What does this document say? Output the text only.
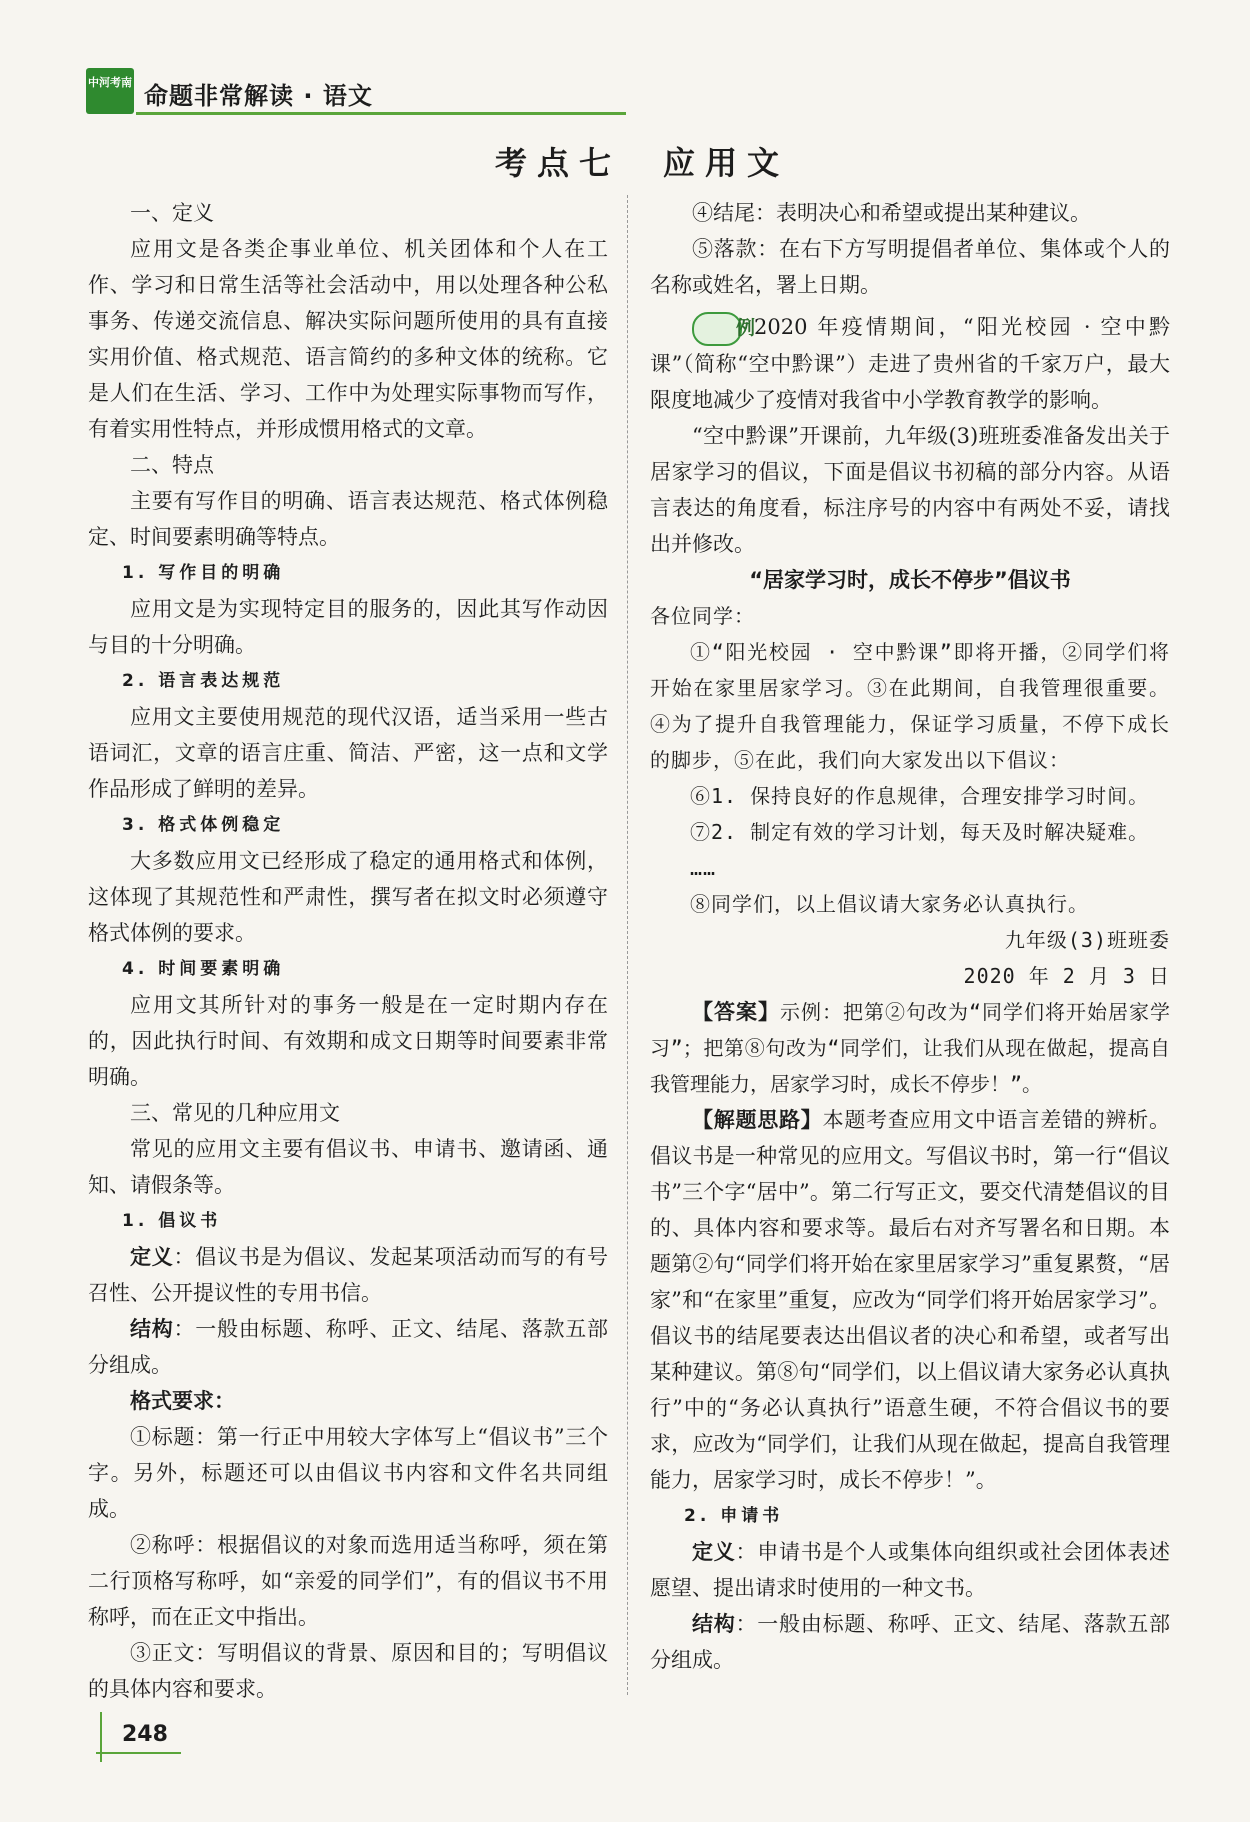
中河考南 命题非常解读 · 语文
考点七　应用文

一、定义

应用文是各类企事业单位、机关团体和个人在工作、学习和日常生活等社会活动中，用以处理各种公私事务、传递交流信息、解决实际问题所使用的具有直接实用价值、格式规范、语言简约的多种文体的统称。它是人们在生活、学习、工作中为处理实际事物而写作，有着实用性特点，并形成惯用格式的文章。

二、特点

主要有写作目的明确、语言表达规范、格式体例稳定、时间要素明确等特点。

1. 写作目的明确

应用文是为实现特定目的服务的，因此其写作动因与目的十分明确。

2. 语言表达规范

应用文主要使用规范的现代汉语，适当采用一些古语词汇，文章的语言庄重、简洁、严密，这一点和文学作品形成了鲜明的差异。

3. 格式体例稳定

大多数应用文已经形成了稳定的通用格式和体例，这体现了其规范性和严肃性，撰写者在拟文时必须遵守格式体例的要求。

4. 时间要素明确

应用文其所针对的事务一般是在一定时期内存在的，因此执行时间、有效期和成文日期等时间要素非常明确。

三、常见的几种应用文

常见的应用文主要有倡议书、申请书、邀请函、通知、请假条等。

1. 倡议书

定义：倡议书是为倡议、发起某项活动而写的有号召性、公开提议性的专用书信。

结构：一般由标题、称呼、正文、结尾、落款五部分组成。

格式要求：

①标题：第一行正中用较大字体写上“倡议书”三个字。另外，标题还可以由倡议书内容和文件名共同组成。

②称呼：根据倡议的对象而选用适当称呼，须在第二行顶格写称呼，如“亲爱的同学们”，有的倡议书不用称呼，而在正文中指出。

③正文：写明倡议的背景、原因和目的；写明倡议的具体内容和要求。

④结尾：表明决心和希望或提出某种建议。

⑤落款：在右下方写明提倡者单位、集体或个人的名称或姓名，署上日期。

例2020 年疫情期间，“阳光校园 · 空中黔课”（简称“空中黔课”）走进了贵州省的千家万户，最大限度地减少了疫情对我省中小学教育教学的影响。

“空中黔课”开课前，九年级(3)班班委准备发出关于居家学习的倡议，下面是倡议书初稿的部分内容。从语言表达的角度看，标注序号的内容中有两处不妥，请找出并修改。

“居家学习时，成长不停步”倡议书

各位同学：

①“阳光校园 · 空中黔课”即将开播，②同学们将开始在家里居家学习。③在此期间，自我管理很重要。④为了提升自我管理能力，保证学习质量，不停下成长的脚步，⑤在此，我们向大家发出以下倡议：

⑥1. 保持良好的作息规律，合理安排学习时间。

⑦2. 制定有效的学习计划，每天及时解决疑难。

……

⑧同学们，以上倡议请大家务必认真执行。

九年级(3)班班委

2020 年 2 月 3 日

【答案】示例：把第②句改为“同学们将开始居家学习”；把第⑧句改为“同学们，让我们从现在做起，提高自我管理能力，居家学习时，成长不停步！”。

【解题思路】本题考查应用文中语言差错的辨析。倡议书是一种常见的应用文。写倡议书时，第一行“倡议书”三个字“居中”。第二行写正文，要交代清楚倡议的目的、具体内容和要求等。最后右对齐写署名和日期。本题第②句“同学们将开始在家里居家学习”重复累赘，“居家”和“在家里”重复，应改为“同学们将开始居家学习”。倡议书的结尾要表达出倡议者的决心和希望，或者写出某种建议。第⑧句“同学们，以上倡议请大家务必认真执行”中的“务必认真执行”语意生硬，不符合倡议书的要求，应改为“同学们，让我们从现在做起，提高自我管理能力，居家学习时，成长不停步！”。

2. 申请书

定义：申请书是个人或集体向组织或社会团体表述愿望、提出请求时使用的一种文书。

结构：一般由标题、称呼、正文、结尾、落款五部分组成。

248
